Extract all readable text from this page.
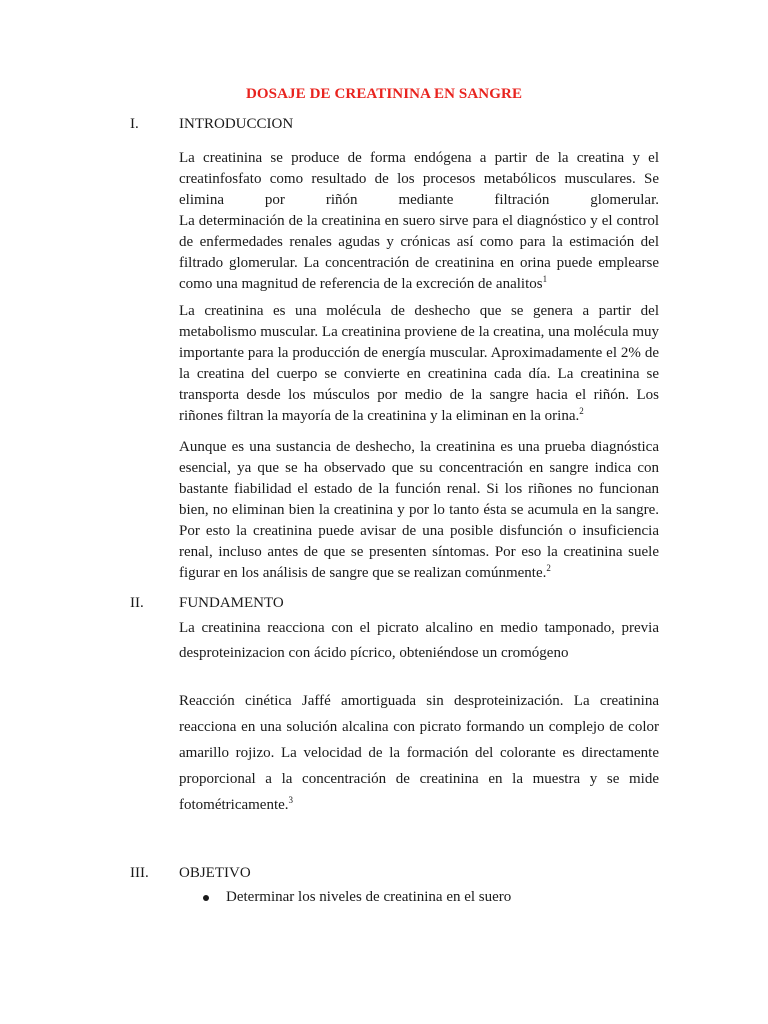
DOSAJE DE CREATININA EN SANGRE
I.	INTRODUCCION
La creatinina se produce de forma endógena a partir de la creatina y el creatinfosfato como resultado de los procesos metabólicos musculares. Se elimina por riñón mediante filtración glomerular.
La determinación de la creatinina en suero sirve para el diagnóstico y el control de enfermedades renales agudas y crónicas así como para la estimación del filtrado glomerular. La concentración de creatinina en orina puede emplearse como una magnitud de referencia de la excreción de analitos$^1$
La creatinina es una molécula de deshecho que se genera a partir del metabolismo muscular. La creatinina proviene de la creatina, una molécula muy importante para la producción de energía muscular. Aproximadamente el 2% de la creatina del cuerpo se convierte en creatinina cada día. La creatinina se transporta desde los músculos por medio de la sangre hacia el riñón. Los riñones filtran la mayoría de la creatinina y la eliminan en la orina.$^2$
Aunque es una sustancia de deshecho, la creatinina es una prueba diagnóstica esencial, ya que se ha observado que su concentración en sangre indica con bastante fiabilidad el estado de la función renal. Si los riñones no funcionan bien, no eliminan bien la creatinina y por lo tanto ésta se acumula en la sangre. Por esto la creatinina puede avisar de una posible disfunción o insuficiencia renal, incluso antes de que se presenten síntomas. Por eso la creatinina suele figurar en los análisis de sangre que se realizan comúnmente.$^2$
II. FUNDAMENTO
La creatinina reacciona con el picrato alcalino en medio tamponado, previa desproteinizacion con ácido pícrico, obteniéndose un cromógeno
Reacción cinética Jaffé amortiguada sin desproteinización. La creatinina reacciona en una solución alcalina con picrato formando un complejo de color amarillo rojizo. La velocidad de la formación del colorante es directamente proporcional a la concentración de creatinina en la muestra y se mide fotométricamente.$^3$
III. OBJETIVO
Determinar los niveles de creatinina en el suero
